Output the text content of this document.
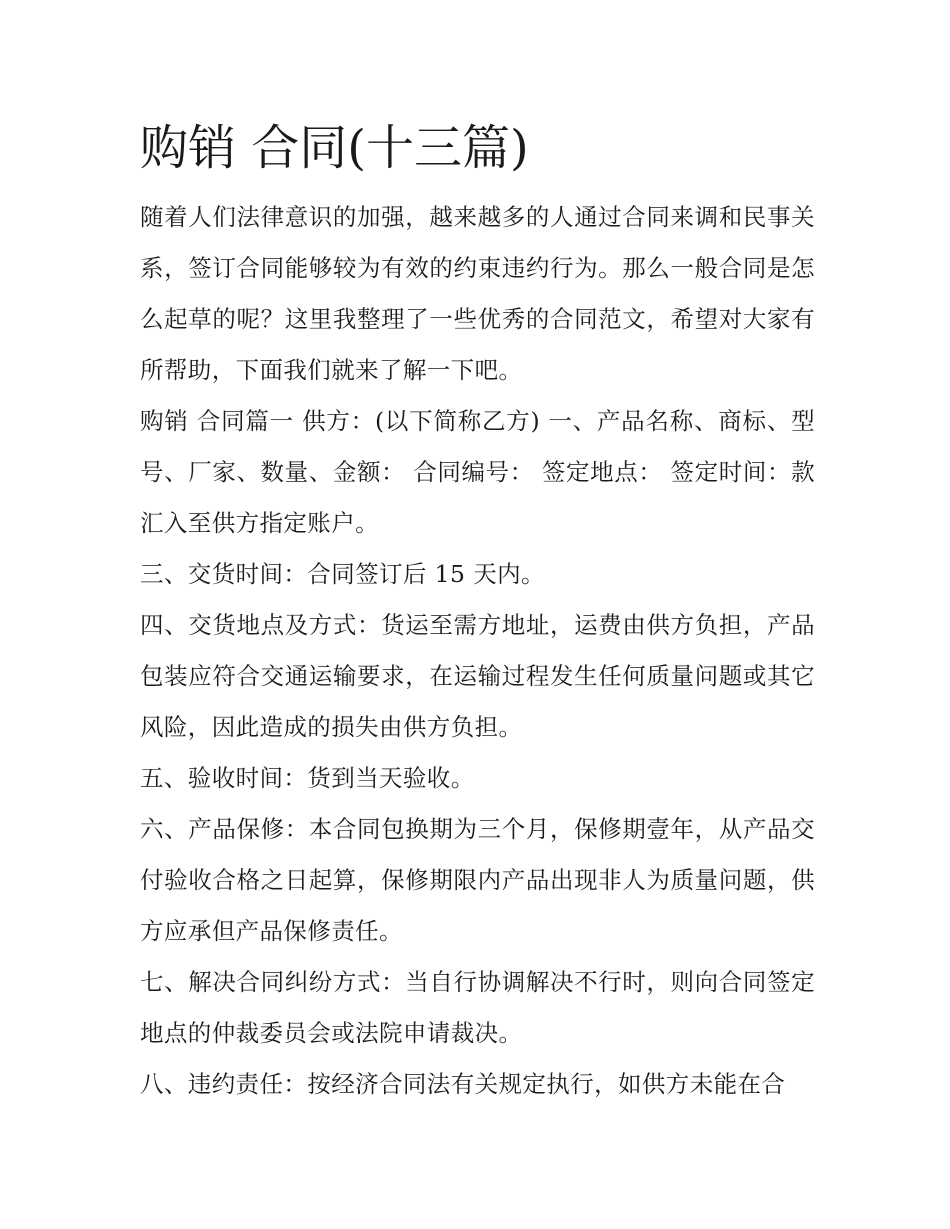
购销 合同(十三篇)

随着人们法律意识的加强，越来越多的人通过合同来调和民事关系，签订合同能够较为有效的约束违约行为。那么一般合同是怎么起草的呢？这里我整理了一些优秀的合同范文，希望对大家有所帮助，下面我们就来了解一下吧。

购销 合同篇一 供方：(以下简称乙方) 一、产品名称、商标、型号、厂家、数量、金额： 合同编号： 签定地点： 签定时间：款汇入至供方指定账户。

三、交货时间：合同签订后 15 天内。

四、交货地点及方式：货运至需方地址，运费由供方负担，产品包装应符合交通运输要求，在运输过程发生任何质量问题或其它风险，因此造成的损失由供方负担。

五、验收时间：货到当天验收。

六、产品保修：本合同包换期为三个月，保修期壹年，从产品交付验收合格之日起算，保修期限内产品出现非人为质量问题，供方应承但产品保修责任。

七、解决合同纠纷方式：当自行协调解决不行时，则向合同签定地点的仲裁委员会或法院申请裁决。

八、违约责任：按经济合同法有关规定执行，如供方未能在合
